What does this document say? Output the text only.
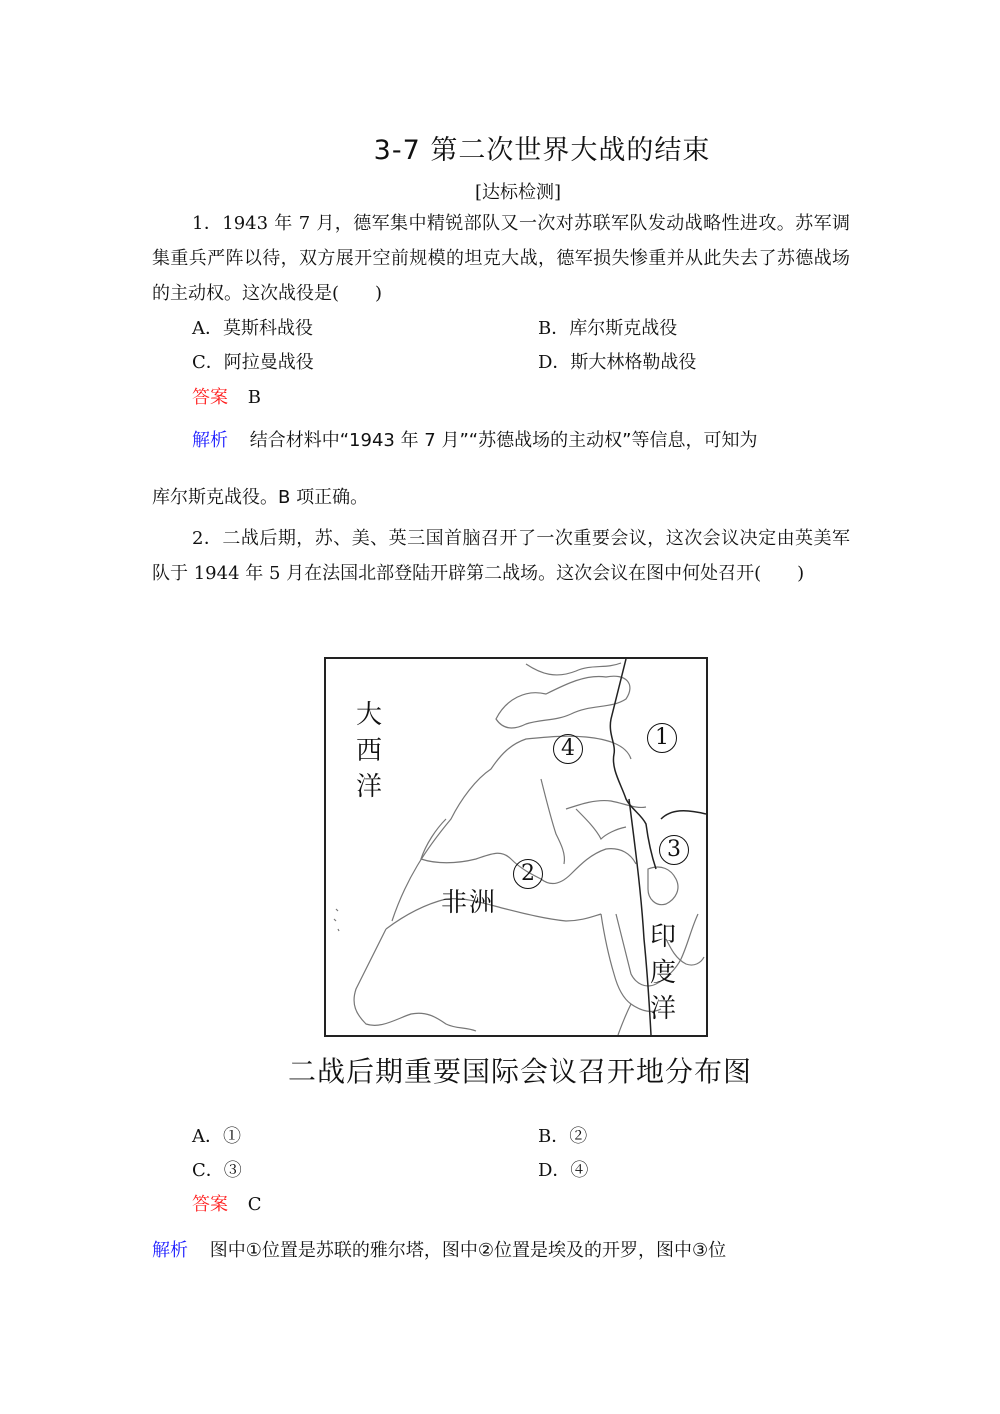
3-7 第二次世界大战的结束
[达标检测]
1．1943 年 7 月，德军集中精锐部队又一次对苏联军队发动战略性进攻。苏军调集重兵严阵以待，双方展开空前规模的坦克大战，德军损失惨重并从此失去了苏德战场的主动权。这次战役是(　　)
A．莫斯科战役	B．库尔斯克战役
C．阿拉曼战役	D．斯大林格勒战役
答案 B
解析 结合材料中“1943 年 7 月”“苏德战场的主动权”等信息，可知为
库尔斯克战役。B 项正确。
2．二战后期，苏、美、英三国首脑召开了一次重要会议，这次会议决定由英美军队于 1944 年 5 月在法国北部登陆开辟第二战场。这次会议在图中何处召开(　　)
大
西
洋
非洲
印
度
洋
1
2
3
4
二战后期重要国际会议召开地分布图
A．①	B．②
C．③	D．④
答案 C
解析 图中①位置是苏联的雅尔塔，图中②位置是埃及的开罗，图中③位
